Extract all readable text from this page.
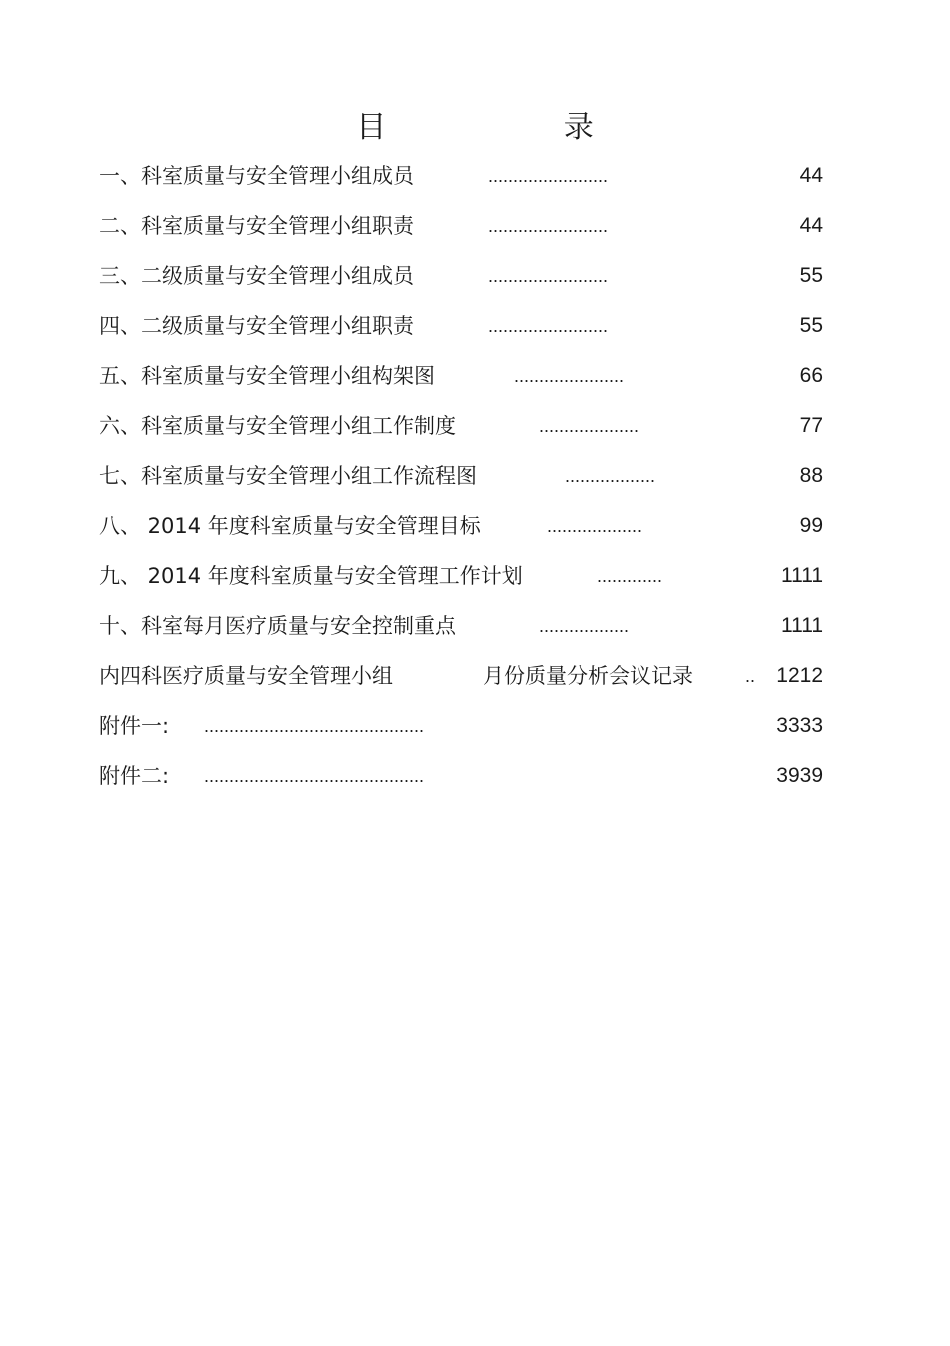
目 录
一、科室质量与安全管理小组成员	........................	44
二、科室质量与安全管理小组职责	........................	44
三、二级质量与安全管理小组成员	........................	55
四、二级质量与安全管理小组职责	........................	55
五、科室质量与安全管理小组构架图	......................	66
六、科室质量与安全管理小组工作制度	....................	77
七、科室质量与安全管理小组工作流程图	..................	88
八、 2014 年度科室质量与安全管理目标	...................	99
九、 2014 年度科室质量与安全管理工作计划	.............	1111
十、科室每月医疗质量与安全控制重点	..................	1111
内四科医疗质量与安全管理小组	月份质量分析会议记录	.. 1212
附件一: ............................................	3333
附件二: ............................................	3939
